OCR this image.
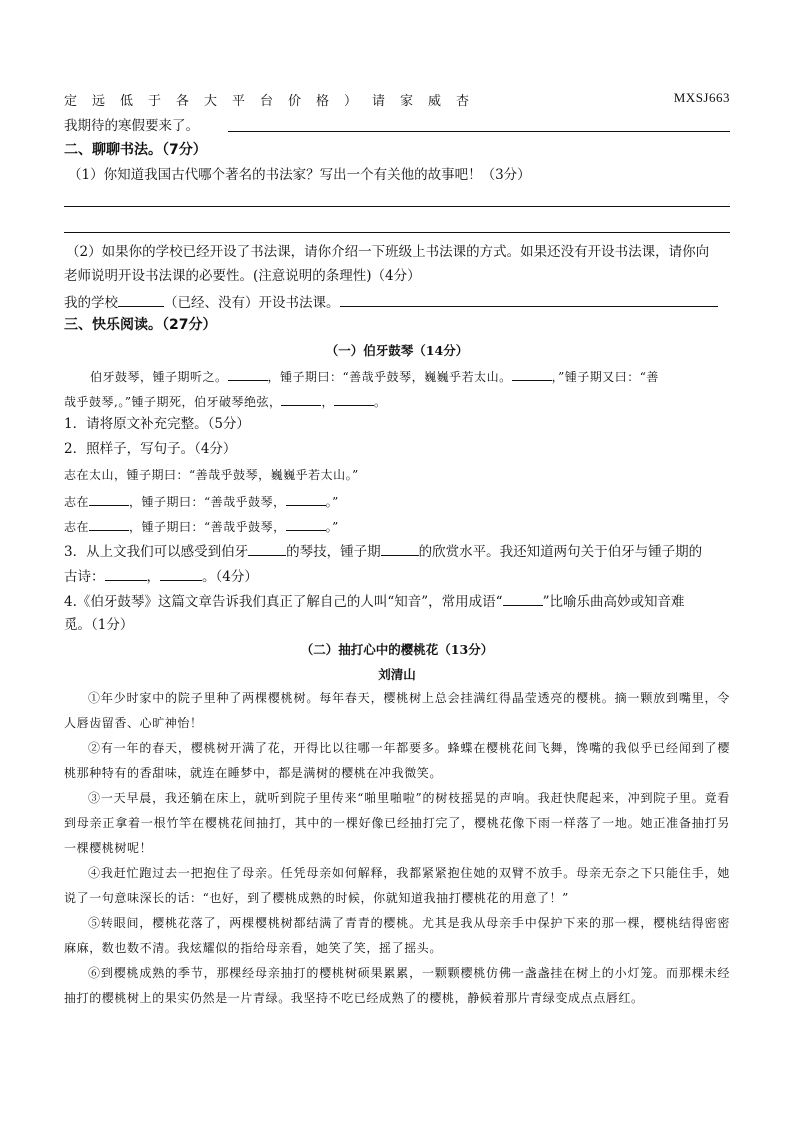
定远低于各大平台价格）请家威杏	MXSJ663
我期待的寒假要来了。
二、聊聊书法。（7分）
（1）你知道我国古代哪个著名的书法家？写出一个有关他的故事吧！（3分）
（2）如果你的学校已经开设了书法课，请你介绍一下班级上书法课的方式。如果还没有开设书法课，请你向
老师说明开设书法课的必要性。(注意说明的条理性)（4分）
我的学校	（已经、没有）开设书法课。
三、快乐阅读。（27分）
（一）伯牙鼓琴（14分）
伯牙鼓琴，锺子期听之。	，锺子期曰：“善哉乎鼓琴，巍巍乎若太山。	，”锺子期又曰：“善
哉乎鼓琴,。”锺子期死，伯牙破琴绝弦，	，	。
1．请将原文补充完整。（5分）
2．照样子，写句子。（4分）
志在太山，锺子期曰：“善哉乎鼓琴，巍巍乎若太山。”
志在	，锺子期曰：“善哉乎鼓琴，	。”
志在	，锺子期曰：“善哉乎鼓琴，	。”
3．从上文我们可以感受到伯牙	的琴技，锺子期	的欣赏水平。我还知道两句关于伯牙与锺子期的
古诗：	，	。（4分）
4.《伯牙鼓琴》这篇文章告诉我们真正了解自己的人叫“知音”，常用成语“	”比喻乐曲高妙或知音难
觅。（1分）
（二）抽打心中的樱桃花（13分）
刘清山
①年少时家中的院子里种了两棵樱桃树。每年春天，樱桃树上总会挂满红得晶莹透亮的樱桃。摘一颗放到嘴里，令人唇齿留香、心旷神怡！
②有一年的春天，樱桃树开满了花，开得比以往哪一年都要多。蜂蝶在樱桃花间飞舞，馋嘴的我似乎已经闻到了樱桃那种特有的香甜味，就连在睡梦中，都是满树的樱桃在冲我微笑。
③一天早晨，我还躺在床上，就听到院子里传来“啪里啪啦”的树枝摇晃的声响。我赶快爬起来，冲到院子里。竟看到母亲正拿着一根竹竿在樱桃花间抽打，其中的一棵好像已经抽打完了，樱桃花像下雨一样落了一地。她正准备抽打另一棵樱桃树呢！
④我赶忙跑过去一把抱住了母亲。任凭母亲如何解释，我都紧紧抱住她的双臂不放手。母亲无奈之下只能住手，她说了一句意味深长的话：“也好，到了樱桃成熟的时候，你就知道我抽打樱桃花的用意了！”
⑤转眼间，樱桃花落了，两棵樱桃树都结满了青青的樱桃。尤其是我从母亲手中保护下来的那一棵，樱桃结得密密麻麻，数也数不清。我炫耀似的指给母亲看，她笑了笑，摇了摇头。
⑥到樱桃成熟的季节，那棵经母亲抽打的樱桃树硕果累累，一颗颗樱桃仿佛一盏盏挂在树上的小灯笼。而那棵未经抽打的樱桃树上的果实仍然是一片青绿。我坚持不吃已经成熟了的樱桃，静候着那片青绿变成点点唇红。
